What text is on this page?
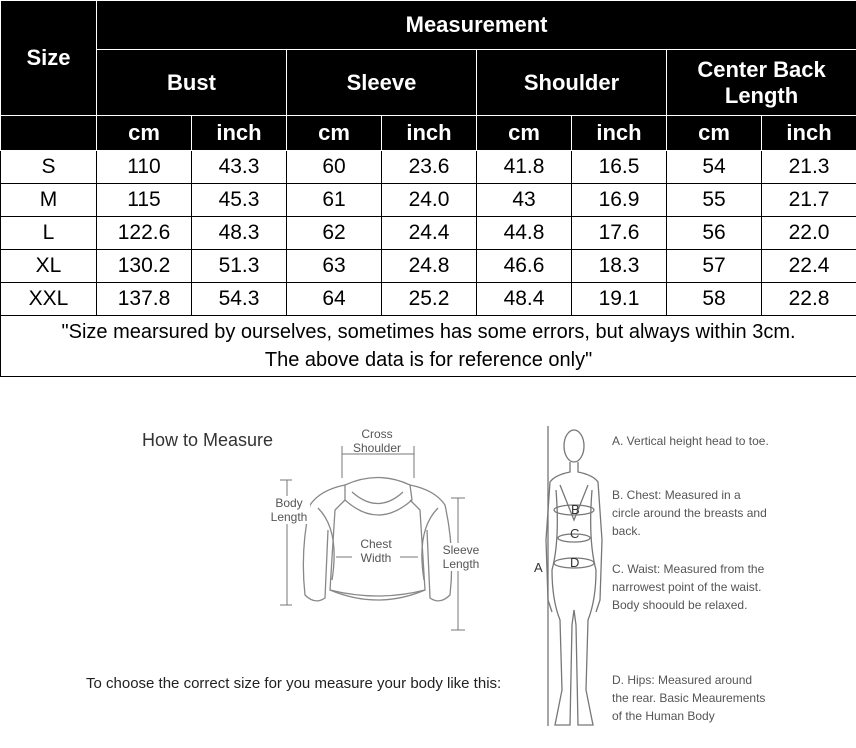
Size	Measurement							
	Bust		Sleeve		Shoulder		Center Back Length	
	cm	inch	cm	inch	cm	inch	cm	inch
S	110	43.3	60	23.6	41.8	16.5	54	21.3
M	115	45.3	61	24.0	43	16.9	55	21.7
L	122.6	48.3	62	24.4	44.8	17.6	56	22.0
XL	130.2	51.3	63	24.8	46.6	18.3	57	22.4
XXL	137.8	54.3	64	25.2	48.4	19.1	58	22.8

"Size mearsured by ourselves, sometimes has some errors, but always within 3cm.
The above data is for reference only"								
How to Measure	Cross Shoulder
Body Length
Chest Width
Sleeve Length	A
B
C
D
A. Vertical height head to toe.
B. Chest: Measured in a circle around the breasts and back.
C. Waist: Measured from the narrowest point of the waist. Body shoould be relaxed.
D. Hips: Measured around the rear. Basic Meaurements of the Human Body
To choose the correct size for you measure your body like this:
